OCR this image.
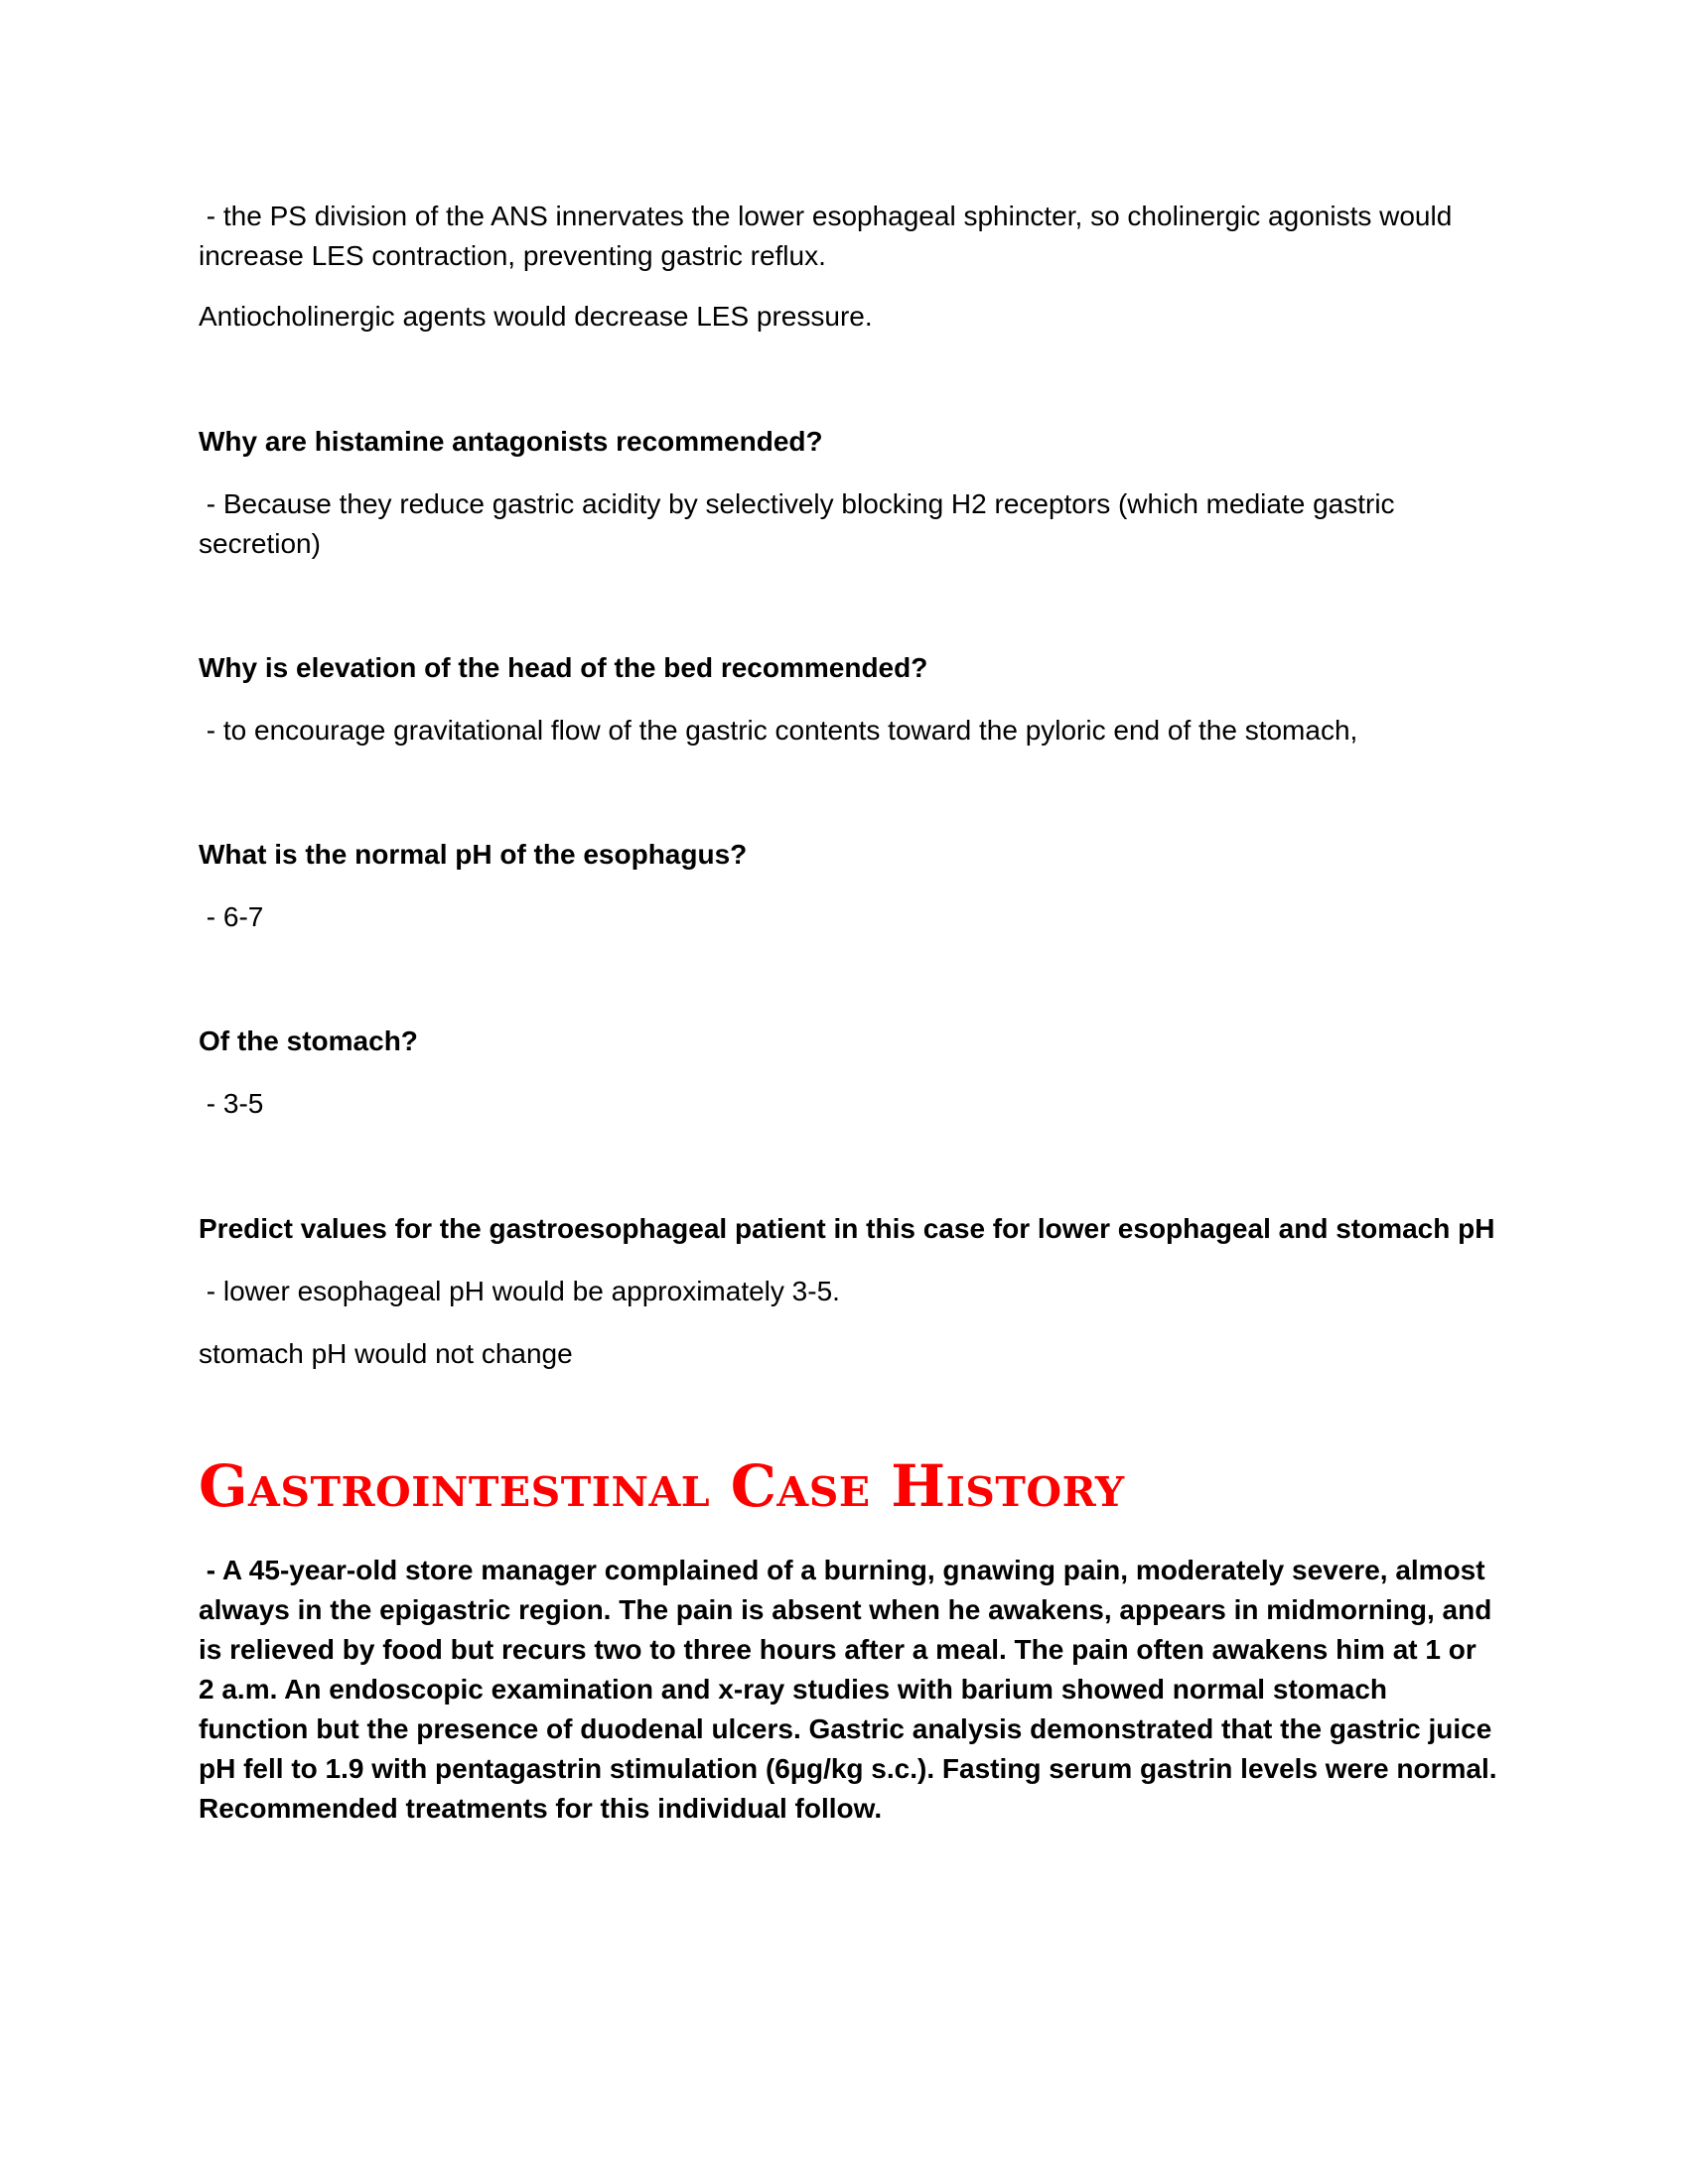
- the PS division of the ANS innervates the lower esophageal sphincter, so cholinergic agonists would increase LES contraction, preventing gastric reflux.
Antiocholinergic agents would decrease LES pressure.
Why are histamine antagonists recommended?
- Because they reduce gastric acidity by selectively blocking H2 receptors (which mediate gastric secretion)
Why is elevation of the head of the bed recommended?
- to encourage gravitational flow of the gastric contents toward the pyloric end of the stomach,
What is the normal pH of the esophagus?
- 6-7
Of the stomach?
- 3-5
Predict values for the gastroesophageal patient in this case for lower esophageal and stomach pH
- lower esophageal pH would be approximately 3-5.
stomach pH would not change
Gastrointestinal Case History
- A 45-year-old store manager complained of a burning, gnawing pain, moderately severe, almost always in the epigastric region. The pain is absent when he awakens, appears in midmorning, and is relieved by food but recurs two to three hours after a meal. The pain often awakens him at 1 or 2 a.m. An endoscopic examination and x-ray studies with barium showed normal stomach function but the presence of duodenal ulcers. Gastric analysis demonstrated that the gastric juice pH fell to 1.9 with pentagastrin stimulation (6µg/kg s.c.). Fasting serum gastrin levels were normal. Recommended treatments for this individual follow.
